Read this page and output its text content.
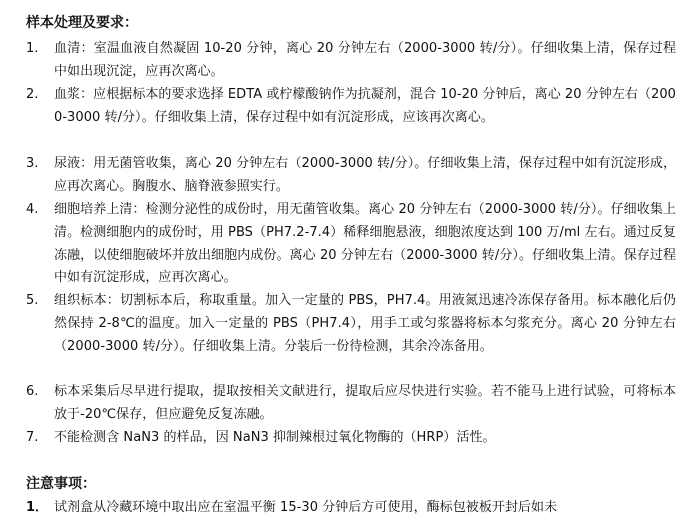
样本处理及要求：
1. 血清：室温血液自然凝固 10-20 分钟，离心 20 分钟左右（2000-3000 转/分）。仔细收集上清，保存过程中如出现沉淀，应再次离心。
2. 血浆：应根据标本的要求选择 EDTA 或柠檬酸钠作为抗凝剂，混合 10-20 分钟后，离心 20 分钟左右（2000-3000 转/分）。仔细收集上清，保存过程中如有沉淀形成，应该再次离心。
3. 尿液：用无菌管收集，离心 20 分钟左右（2000-3000 转/分）。仔细收集上清，保存过程中如有沉淀形成，应再次离心。胸腹水、脑脊液参照实行。
4. 细胞培养上清：检测分泌性的成份时，用无菌管收集。离心 20 分钟左右（2000-3000 转/分）。仔细收集上清。检测细胞内的成份时，用 PBS（PH7.2-7.4）稀释细胞悬液，细胞浓度达到 100 万/ml 左右。通过反复冻融，以使细胞破坏并放出细胞内成份。离心 20 分钟左右（2000-3000 转/分）。仔细收集上清。保存过程中如有沉淀形成，应再次离心。
5. 组织标本：切割标本后，称取重量。加入一定量的 PBS，PH7.4。用液氮迅速冷冻保存备用。标本融化后仍然保持 2-8℃的温度。加入一定量的 PBS（PH7.4），用手工或匀浆器将标本匀浆充分。离心 20 分钟左右（2000-3000 转/分）。仔细收集上清。分装后一份待检测，其余冷冻备用。
6. 标本采集后尽早进行提取，提取按相关文献进行，提取后应尽快进行实验。若不能马上进行试验，可将标本放于-20℃保存，但应避免反复冻融。
7. 不能检测含 NaN3 的样品，因 NaN3 抑制辣根过氧化物酶的（HRP）活性。
注意事项：
1． 试剂盒从冷藏环境中取出应在室温平衡 15-30 分钟后方可使用，酶标包被板开封后如未
